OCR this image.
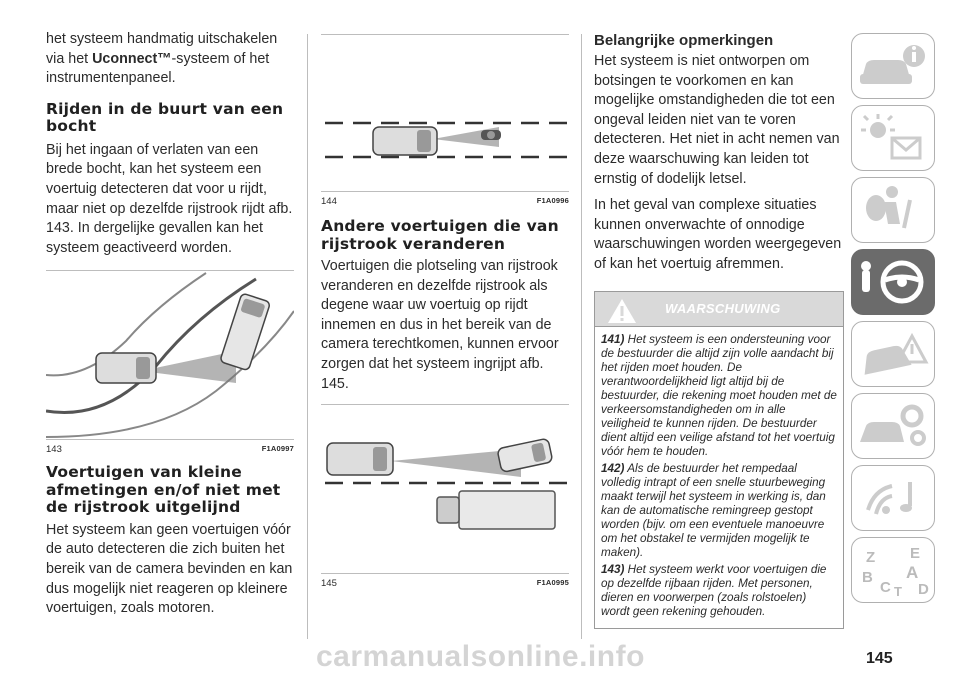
het systeem handmatig uitschakelen via het Uconnect™-systeem of het instrumentenpaneel.

Rijden in de buurt van een bocht

Bij het ingaan of verlaten van een brede bocht, kan het systeem een voertuig detecteren dat voor u rijdt, maar niet op dezelfde rijstrook rijdt afb. 143. In dergelijke gevallen kan het systeem geactiveerd worden.

143	F1A0997
Voertuigen van kleine afmetingen en/of niet met de rijstrook uitgelijnd

Het systeem kan geen voertuigen vóór de auto detecteren die zich buiten het bereik van de camera bevinden en kan dus mogelijk niet reageren op kleinere voertuigen, zoals motoren.

144	F1A0996
Andere voertuigen die van rijstrook veranderen

Voertuigen die plotseling van rijstrook veranderen en dezelfde rijstrook als degene waar uw voertuig op rijdt innemen en dus in het bereik van de camera terechtkomen, kunnen ervoor zorgen dat het systeem ingrijpt afb. 145.

145	F1A0995
Belangrijke opmerkingen

Het systeem is niet ontworpen om botsingen te voorkomen en kan mogelijke omstandigheden die tot een ongeval leiden niet van te voren detecteren. Het niet in acht nemen van deze waarschuwing kan leiden tot ernstig of dodelijk letsel.

In het geval van complexe situaties kunnen onverwachte of onnodige waarschuwingen worden weergegeven of kan het voertuig afremmen.

WAARSCHUWING

141) Het systeem is een ondersteuning voor de bestuurder die altijd zijn volle aandacht bij het rijden moet houden. De verantwoordelijkheid ligt altijd bij de bestuurder, die rekening moet houden met de verkeersomstandigheden om in alle veiligheid te kunnen rijden. De bestuurder dient altijd een veilige afstand tot het voertuig vóór hem te houden.

142) Als de bestuurder het rempedaal volledig intrapt of een snelle stuurbeweging maakt terwijl het systeem in werking is, dan kan de automatische remingreep gestopt worden (bijv. om een eventuele manoeuvre om het obstakel te vermijden mogelijk te maken).

143) Het systeem werkt voor voertuigen die op dezelfde rijbaan rijden. Met personen, dieren en voorwerpen (zoals rolstoelen) wordt geen rekening gehouden.

Z E
B A
C T D
145
carmanualsonline.info
